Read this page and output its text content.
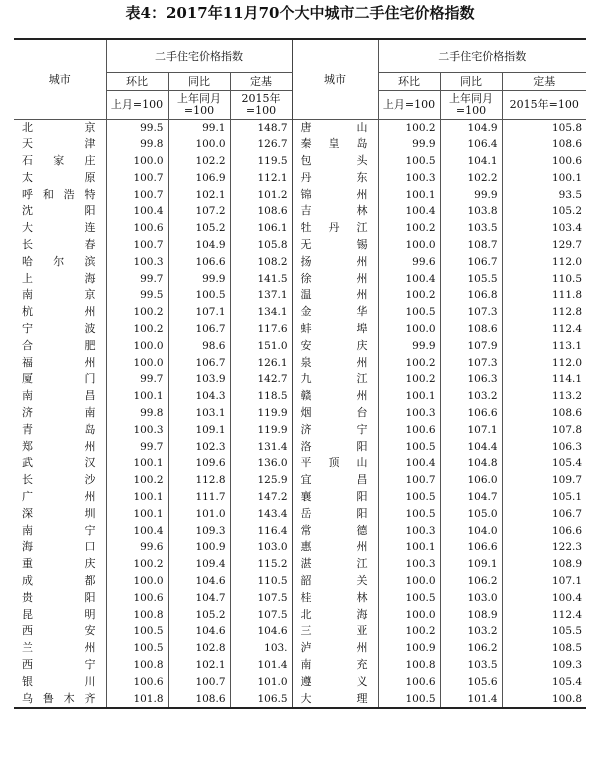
表4：2017年11月70个大中城市二手住宅价格指数
城市	二手住宅价格指数			城市	二手住宅价格指数		
	环比	同比	定基		环比	同比	定基
	上月=100	上年同月=100	2015年=100		上月=100	上年同月=100	2015年=100
北京	99.5	99.1	148.7	唐山	100.2	104.9	105.8
天津	99.8	100.0	126.7	秦皇岛	99.9	106.4	108.6
石家庄	100.0	102.2	119.5	包头	100.5	104.1	100.6
太原	100.7	106.9	112.1	丹东	100.3	102.2	100.1
呼和浩特	100.7	102.1	101.2	锦州	100.1	99.9	93.5
沈阳	100.4	107.2	108.6	吉林	100.4	103.8	105.2
大连	100.6	105.2	106.1	牡丹江	100.2	103.5	103.4
长春	100.7	104.9	105.8	无锡	100.0	108.7	129.7
哈尔滨	100.3	106.6	108.2	扬州	99.6	106.7	112.0
上海	99.7	99.9	141.5	徐州	100.4	105.5	110.5
南京	99.5	100.5	137.1	温州	100.2	106.8	111.8
杭州	100.2	107.1	134.1	金华	100.5	107.3	112.8
宁波	100.2	106.7	117.6	蚌埠	100.0	108.6	112.4
合肥	100.0	98.6	151.0	安庆	99.9	107.9	113.1
福州	100.0	106.7	126.1	泉州	100.2	107.3	112.0
厦门	99.7	103.9	142.7	九江	100.2	106.3	114.1
南昌	100.1	104.3	118.5	赣州	100.1	103.2	113.2
济南	99.8	103.1	119.9	烟台	100.3	106.6	108.6
青岛	100.3	109.1	119.9	济宁	100.6	107.1	107.8
郑州	99.7	102.3	131.4	洛阳	100.5	104.4	106.3
武汉	100.1	109.6	136.0	平顶山	100.4	104.8	105.4
长沙	100.2	112.8	125.9	宜昌	100.7	106.0	109.7
广州	100.1	111.7	147.2	襄阳	100.5	104.7	105.1
深圳	100.1	101.0	143.4	岳阳	100.5	105.0	106.7
南宁	100.4	109.3	116.4	常德	100.3	104.0	106.6
海口	99.6	100.9	103.0	惠州	100.1	106.6	122.3
重庆	100.2	109.4	115.2	湛江	100.3	109.1	108.9
成都	100.0	104.6	110.5	韶关	100.0	106.2	107.1
贵阳	100.6	104.7	107.5	桂林	100.5	103.0	100.4
昆明	100.8	105.2	107.5	北海	100.0	108.9	112.4
西安	100.5	104.6	104.6	三亚	100.2	103.2	105.5
兰州	100.5	102.8	103.	泸州	100.9	106.2	108.5
西宁	100.8	102.1	101.4	南充	100.8	103.5	109.3
银川	100.6	100.7	101.0	遵义	100.6	105.6	105.4
乌鲁木齐	101.8	108.6	106.5	大理	100.5	101.4	100.8
